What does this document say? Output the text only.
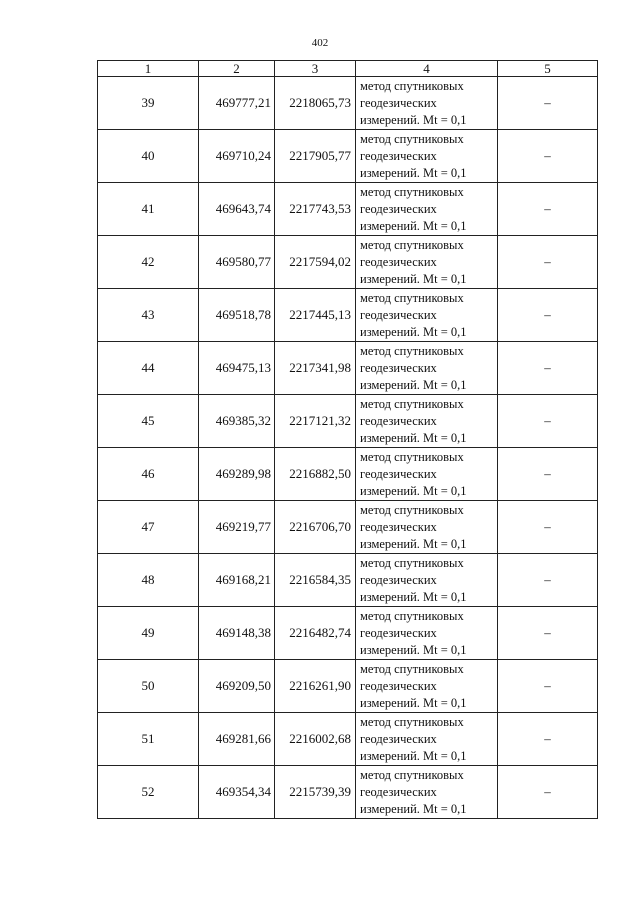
402
1	2	3	4	5
39	469777,21	2218065,73	метод спутниковых
геодезических
измерений. Mt = 0,1	–
40	469710,24	2217905,77	метод спутниковых
геодезических
измерений. Mt = 0,1	–
41	469643,74	2217743,53	метод спутниковых
геодезических
измерений. Mt = 0,1	–
42	469580,77	2217594,02	метод спутниковых
геодезических
измерений. Mt = 0,1	–
43	469518,78	2217445,13	метод спутниковых
геодезических
измерений. Mt = 0,1	–
44	469475,13	2217341,98	метод спутниковых
геодезических
измерений. Mt = 0,1	–
45	469385,32	2217121,32	метод спутниковых
геодезических
измерений. Mt = 0,1	–
46	469289,98	2216882,50	метод спутниковых
геодезических
измерений. Mt = 0,1	–
47	469219,77	2216706,70	метод спутниковых
геодезических
измерений. Mt = 0,1	–
48	469168,21	2216584,35	метод спутниковых
геодезических
измерений. Mt = 0,1	–
49	469148,38	2216482,74	метод спутниковых
геодезических
измерений. Mt = 0,1	–
50	469209,50	2216261,90	метод спутниковых
геодезических
измерений. Mt = 0,1	–
51	469281,66	2216002,68	метод спутниковых
геодезических
измерений. Mt = 0,1	–
52	469354,34	2215739,39	метод спутниковых
геодезических
измерений. Mt = 0,1	–
